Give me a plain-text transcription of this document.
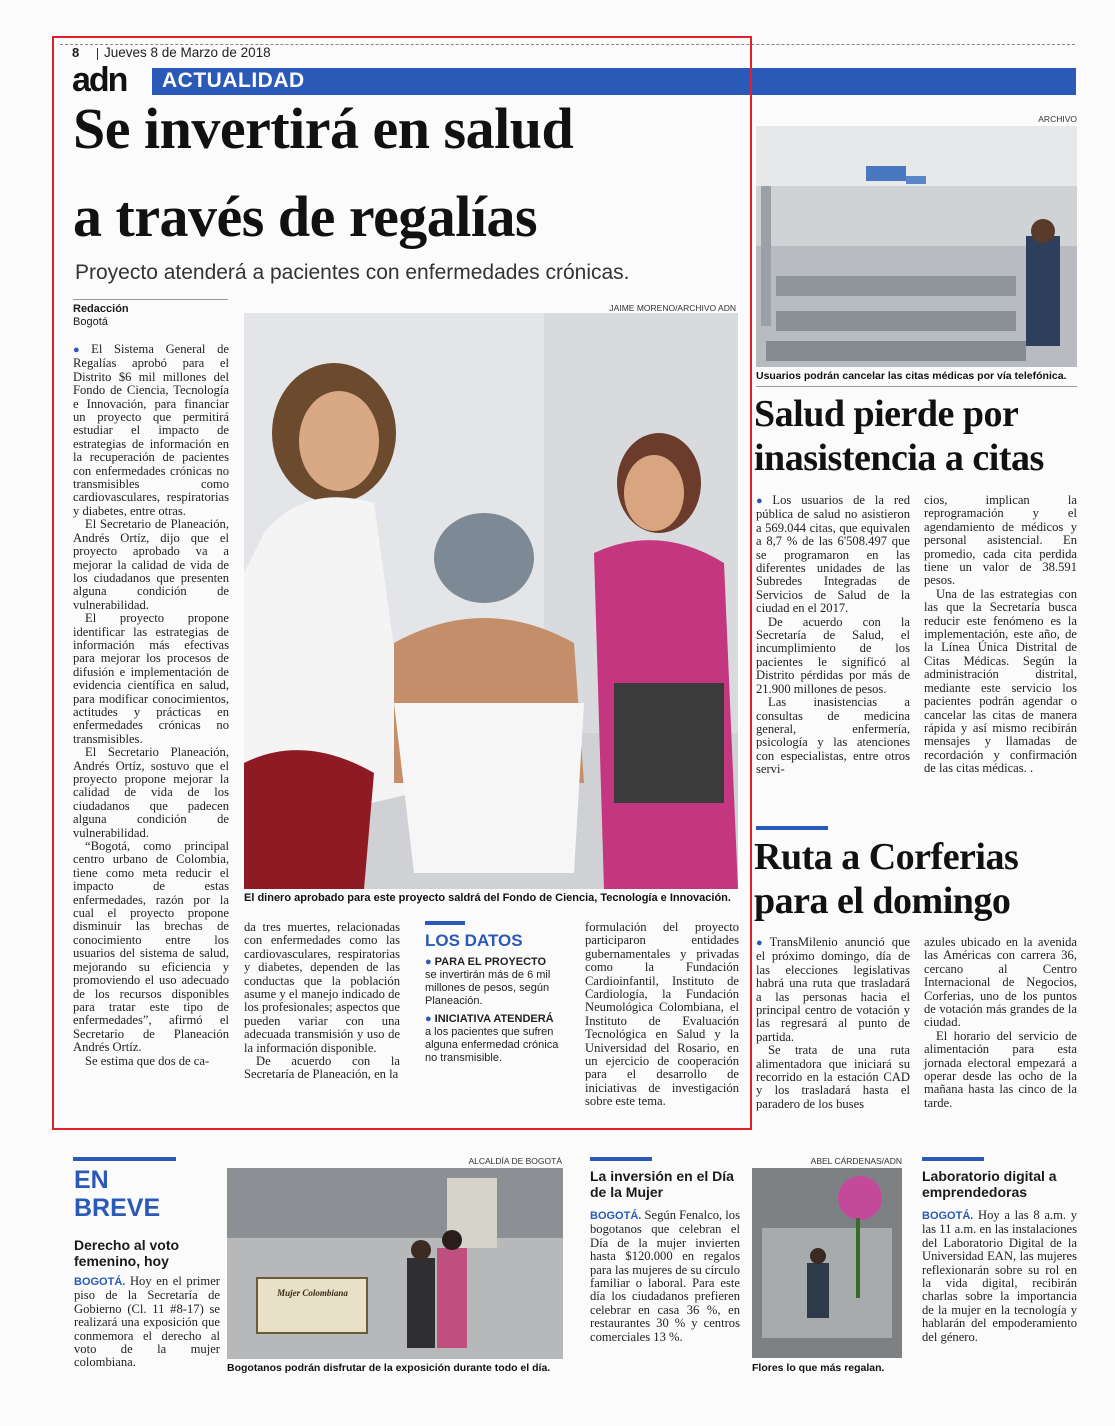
8 Jueves 8 de Marzo de 2018
adn ACTUALIDAD
Se invertirá en salud
a través de regalías
Proyecto atenderá a pacientes con enfermedades crónicas.
Redacción
Bogotá
JAIME MORENO/ARCHIVO ADN
El dinero aprobado para este proyecto saldrá del Fondo de Ciencia, Tecnología e Innovación.

● El Sistema General de Regalías aprobó para el Distrito $6 mil millones del Fondo de Ciencia, Tecnología e Innovación, para financiar un proyecto que permitirá estudiar el impacto de estrategias de información en la recuperación de pacientes con enfermedades crónicas no transmisibles como cardiovasculares, respiratorias y diabetes, entre otras.

El Secretario de Planeación, Andrés Ortíz, dijo que el proyecto aprobado va a mejorar la calidad de vida de los ciudadanos que presenten alguna condición de vulnerabilidad.

El proyecto propone identificar las estrategias de información más efectivas para mejorar los procesos de difusión e implementación de evidencia científica en salud, para modificar conocimientos, actitudes y prácticas en enfermedades crónicas no transmisibles.

El Secretario Planeación, Andrés Ortíz, sostuvo que el proyecto propone mejorar la calidad de vida de los ciudadanos que padecen alguna condición de vulnerabilidad.

“Bogotá, como principal centro urbano de Colombia, tiene como meta reducir el impacto de estas enfermedades, razón por la cual el proyecto propone disminuir las brechas de conocimiento entre los usuarios del sistema de salud, mejorando su eficiencia y promoviendo el uso adecuado de los recursos disponibles para tratar este tipo de enfermedades”, afirmó el Secretario de Planeación Andrés Ortíz.

Se estima que dos de ca-

da tres muertes, relacionadas con enfermedades como las cardiovasculares, respiratorias y diabetes, dependen de las conductas que la población asume y el manejo indicado de los profesionales; aspectos que pueden variar con una adecuada transmisión y uso de la información disponible.

De acuerdo con la Secretaría de Planeación, en la

LOS DATOS
● PARA EL PROYECTO
se invertirán más de 6 mil millones de pesos, según Planeación.
● INICIATIVA ATENDERÁ
a los pacientes que sufren alguna enfermedad crónica no transmisible.

formulación del proyecto participaron entidades gubernamentales y privadas como la Fundación Cardioinfantil, Instituto de Cardiología, la Fundación Neumológica Colombiana, el Instituto de Evaluación Tecnológica en Salud y la Universidad del Rosario, en un ejercicio de cooperación para el desarrollo de iniciativas de investigación sobre este tema.

ARCHIVO
Usuarios podrán cancelar las citas médicas por vía telefónica.
Salud pierde por
inasistencia a citas

● Los usuarios de la red pública de salud no asistieron a 569.044 citas, que equivalen a 8,7 % de las 6'508.497 que se programaron en las diferentes unidades de las Subredes Integradas de Servicios de Salud de la ciudad en el 2017.

De acuerdo con la Secretaría de Salud, el incumplimiento de los pacientes le significó al Distrito pérdidas por más de 21.900 millones de pesos.

Las inasistencias a consultas de medicina general, enfermería, psicología y las atenciones con especialistas, entre otros servi-

cios, implican la reprogramación y el agendamiento de médicos y personal asistencial. En promedio, cada cita perdida tiene un valor de 38.591 pesos.

Una de las estrategias con las que la Secretaría busca reducir este fenómeno es la implementación, este año, de la Línea Única Distrital de Citas Médicas. Según la administración distrital, mediante este servicio los pacientes podrán agendar o cancelar las citas de manera rápida y así mismo recibirán mensajes y llamadas de recordación y confirmación de las citas médicas. .

Ruta a Corferias
para el domingo

● TransMilenio anunció que el próximo domingo, día de las elecciones legislativas habrá una ruta que trasladará a las personas hacia el principal centro de votación y las regresará al punto de partida.

Se trata de una ruta alimentadora que iniciará su recorrido en la estación CAD y los trasladará hasta el paradero de los buses

azules ubicado en la avenida las Américas con carrera 36, cercano al Centro Internacional de Negocios, Corferias, uno de los puntos de votación más grandes de la ciudad.

El horario del servicio de alimentación para esta jornada electoral empezará a operar desde las ocho de la mañana hasta las cinco de la tarde.

EN
BREVE
Derecho al voto femenino, hoy
BOGOTÁ. Hoy en el primer piso de la Secretaría de Gobierno (Cl. 11 #8-17) se realizará una exposición que conmemora el derecho al voto de la mujer colombiana.
ALCALDÍA DE BOGOTÁ
Mujer Colombiana
Bogotanos podrán disfrutar de la exposición durante todo el día.
La inversión en el Día de la Mujer
BOGOTÁ. Según Fenalco, los bogotanos que celebran el Día de la mujer invierten hasta $120.000 en regalos para las mujeres de su círculo familiar o laboral. Para este día los ciudadanos prefieren celebrar en casa 36 %, en restaurantes 30 % y centros comerciales 13 %.
ABEL CÁRDENAS/ADN
Flores lo que más regalan.
Laboratorio digital a emprendedoras
BOGOTÁ. Hoy a las 8 a.m. y las 11 a.m. en las instalaciones del Laboratorio Digital de la Universidad EAN, las mujeres reflexionarán sobre su rol en la vida digital, recibirán charlas sobre la importancia de la mujer en la tecnología y hablarán del empoderamiento del género.
